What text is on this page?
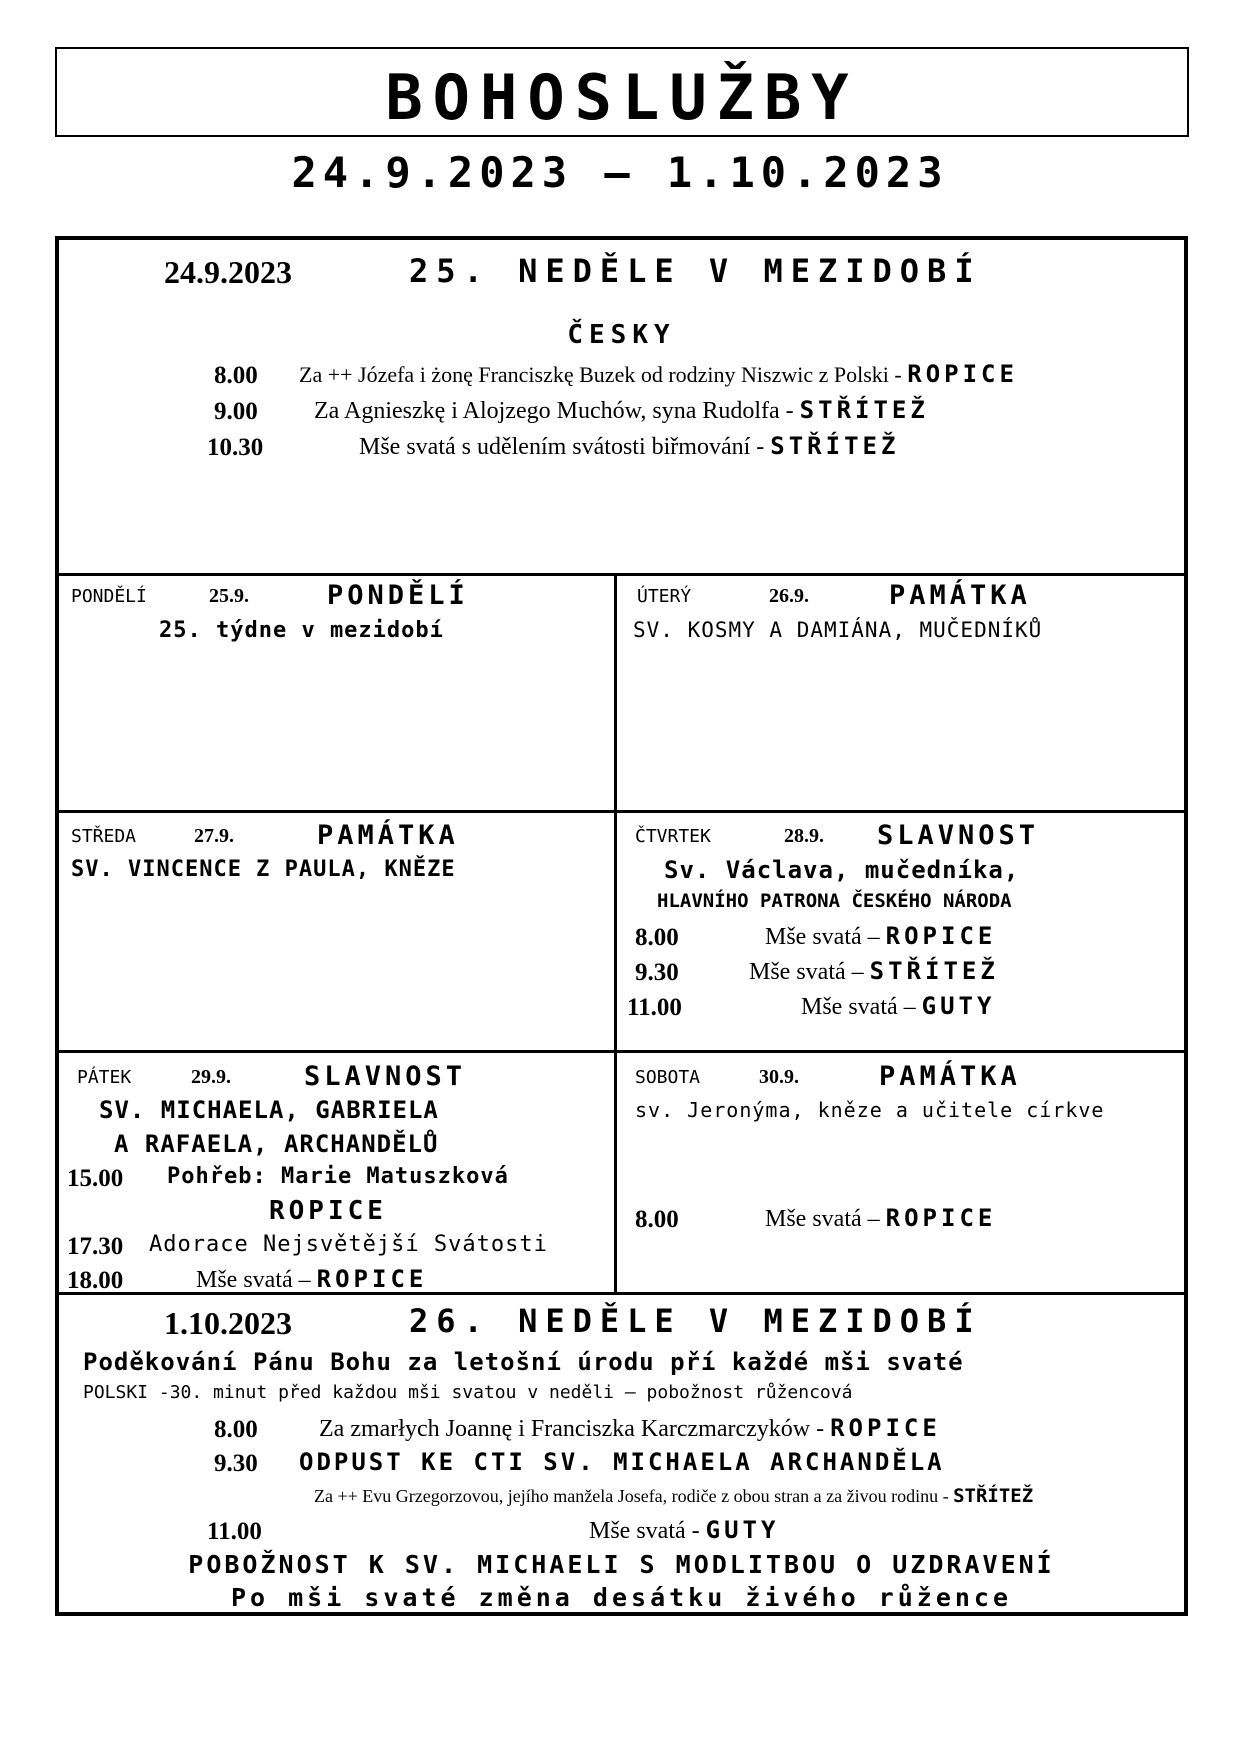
BOHOSLUŽBY
24.9.2023 – 1.10.2023
24.9.2023	25. NEDĚLE V MEZIDOBÍ
ČESKY
8.00 Za ++ Józefa i żonę Franciszkę Buzek od rodziny Niszwic z Polski - ROPICE
9.00 Za Agnieszkę i Alojzego Muchów, syna Rudolfa - STŘÍTEŽ
10.30	Mše svatá s udělením svátosti biřmování - STŘÍTEŽ
PONDĚLÍ	25.9.	PONDĚLÍ
25. týdne v mezidobí
ÚTERÝ	26.9.	PAMÁTKA
SV. KOSMY A DAMIÁNA, MUČEDNÍKŮ
STŘEDA	27.9.	PAMÁTKA
SV. VINCENCE Z PAULA, KNĚZE
ČTVRTEK	28.9. SLAVNOST
Sv. Václava, mučedníka,
HLAVNÍHO PATRONA ČESKÉHO NÁRODA
8.00	Mše svatá – ROPICE
9.30	Mše svatá – STŘÍTEŽ
11.00	Mše svatá – GUTY
PÁTEK	29.9.	SLAVNOST
SV. MICHAELA, GABRIELA
A RAFAELA, ARCHANDĚLŮ
15.00 Pohřeb: Marie Matuszková
ROPICE
17.30 Adorace Nejsvětější Svátosti
18.00	Mše svatá – ROPICE
SOBOTA	30.9.	PAMÁTKA
sv. Jeronýma, kněze a učitele církve
8.00	Mše svatá – ROPICE
1.10.2023	26. NEDĚLE V MEZIDOBÍ
Poděkování Pánu Bohu za letošní úrodu pří každé mši svaté
POLSKI -30. minut před každou mši svatou v neděli – pobožnost růžencová
8.00	Za zmarłych Joannę i Franciszka Karczmarczyków - ROPICE
9.30 ODPUST KE CTI SV. MICHAELA ARCHANDĚLA
Za ++ Evu Grzegorzovou, jejího manžela Josefa, rodiče z obou stran a za živou rodinu - STŘÍTEŽ
11.00	Mše svatá - GUTY
POBOŽNOST K SV. MICHAELI S MODLITBOU O UZDRAVENÍ
Po mši svaté změna desátku živého růžence
